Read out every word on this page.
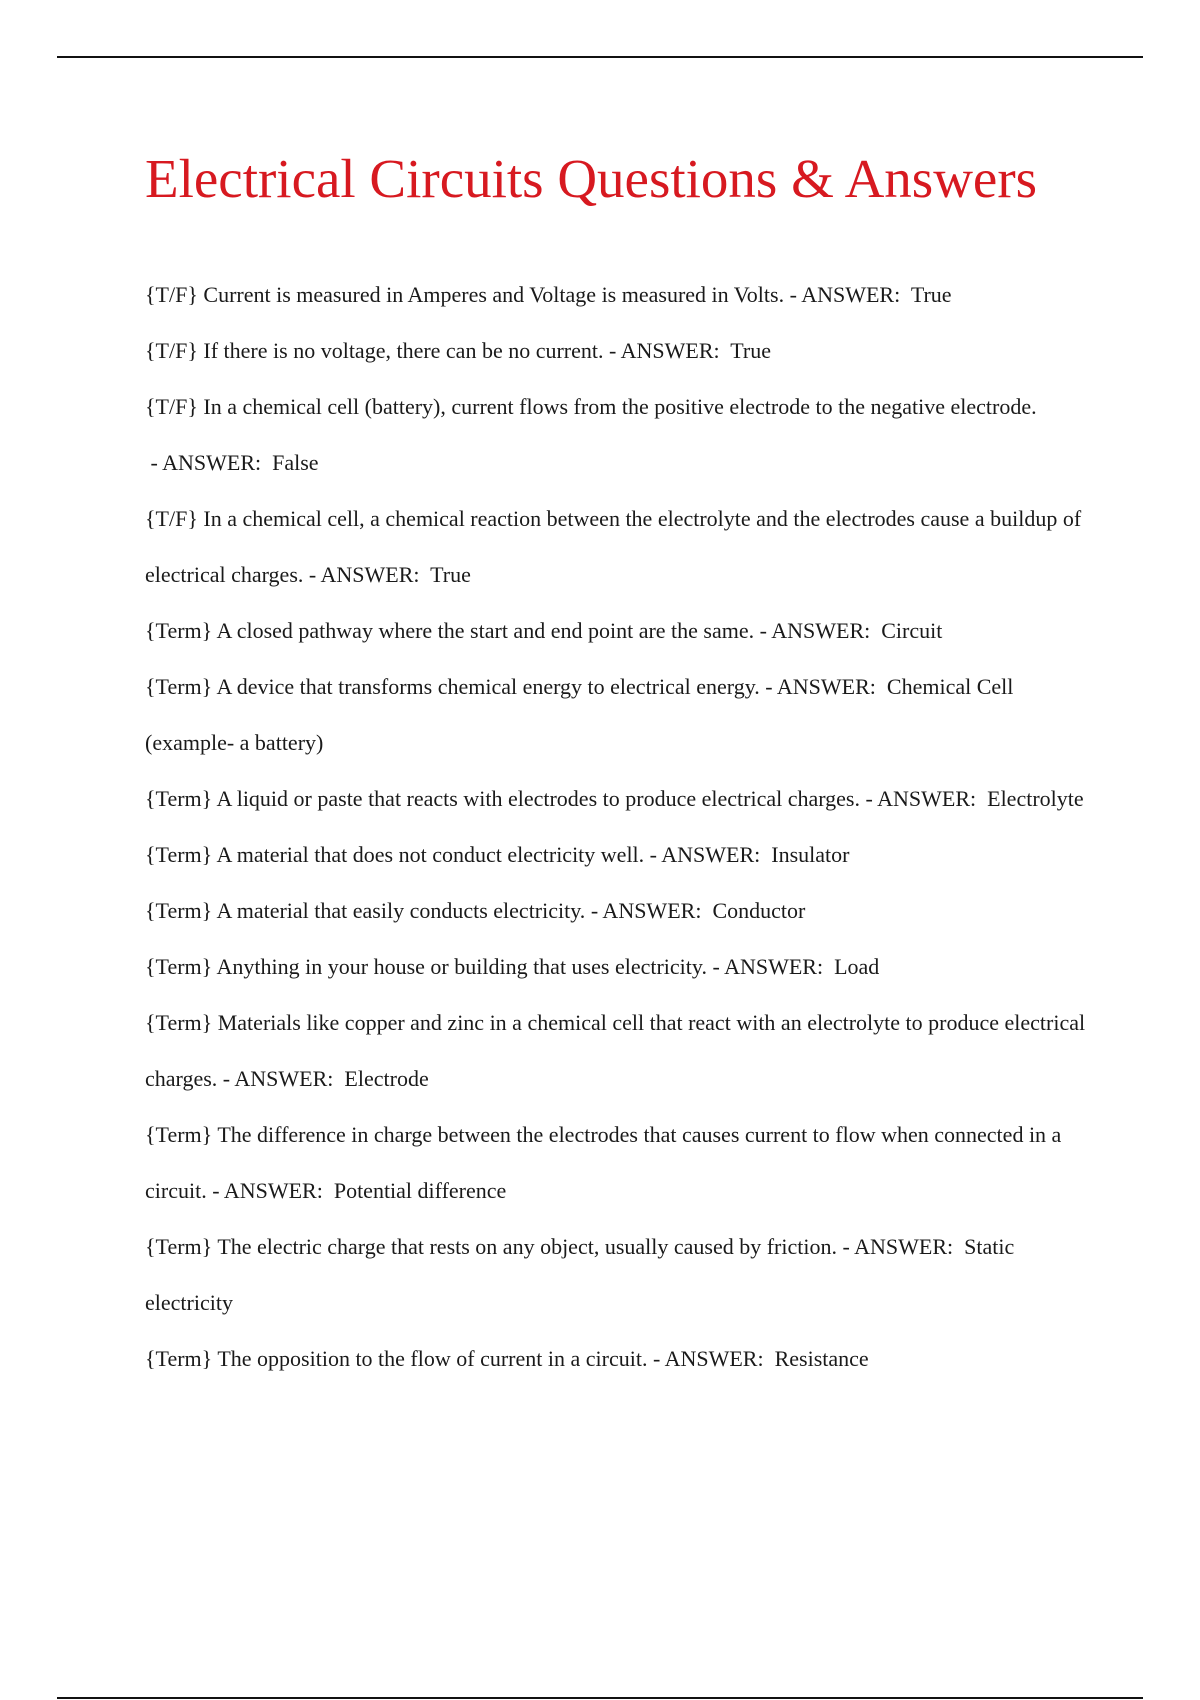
Electrical Circuits Questions & Answers
{T/F} Current is measured in Amperes and Voltage is measured in Volts. - ANSWER:  True
{T/F} If there is no voltage, there can be no current. - ANSWER:  True
{T/F} In a chemical cell (battery), current flows from the positive electrode to the negative electrode. - ANSWER:  False
{T/F} In a chemical cell, a chemical reaction between the electrolyte and the electrodes cause a buildup of electrical charges. - ANSWER:  True
{Term} A closed pathway where the start and end point are the same. - ANSWER:  Circuit
{Term} A device that transforms chemical energy to electrical energy. - ANSWER:  Chemical Cell (example- a battery)
{Term} A liquid or paste that reacts with electrodes to produce electrical charges. - ANSWER:  Electrolyte
{Term} A material that does not conduct electricity well. - ANSWER:  Insulator
{Term} A material that easily conducts electricity. - ANSWER:  Conductor
{Term} Anything in your house or building that uses electricity. - ANSWER:  Load
{Term} Materials like copper and zinc in a chemical cell that react with an electrolyte to produce electrical charges. - ANSWER:  Electrode
{Term} The difference in charge between the electrodes that causes current to flow when connected in a circuit. - ANSWER:  Potential difference
{Term} The electric charge that rests on any object, usually caused by friction. - ANSWER:  Static electricity
{Term} The opposition to the flow of current in a circuit. - ANSWER:  Resistance
